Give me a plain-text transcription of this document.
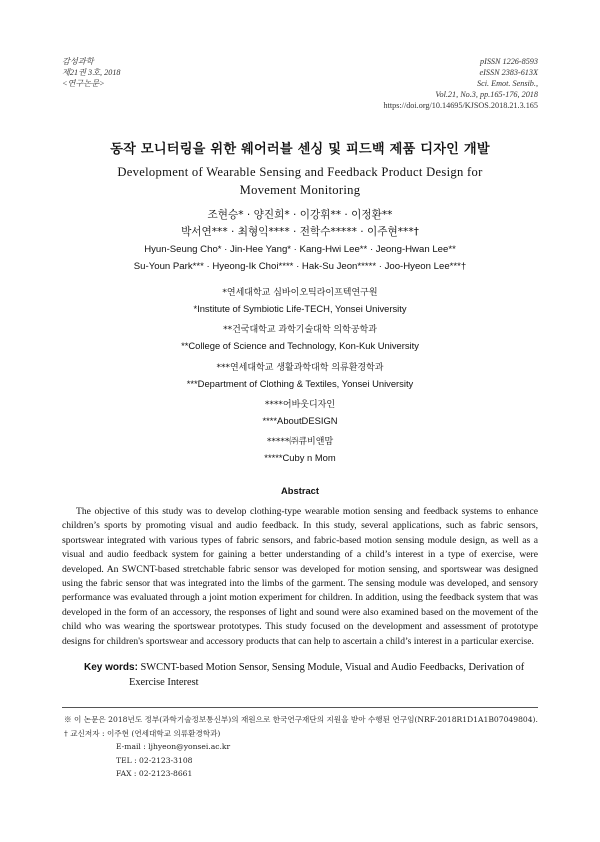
감성과학
제21권 3호, 2018
<연구논문>
pISSN 1226-8593
eISSN 2383-613X
Sci. Emot. Sensib.,
Vol.21, No.3, pp.165-176, 2018
https://doi.org/10.14695/KJSOS.2018.21.3.165
동작 모니터링을 위한 웨어러블 센싱 및 피드백 제품 디자인 개발
Development of Wearable Sensing and Feedback Product Design for
Movement Monitoring
조현승* · 양진희* · 이강휘** · 이정환**
박서연*** · 최형익**** · 전학수***** · 이주현***†
Hyun-Seung Cho* · Jin-Hee Yang* · Kang-Hwi Lee** · Jeong-Hwan Lee**
Su-Youn Park*** · Hyeong-Ik Choi**** · Hak-Su Jeon***** · Joo-Hyeon Lee***†
*연세대학교 심바이오틱라이프텍연구원
*Institute of Symbiotic Life-TECH, Yonsei University
**건국대학교 과학기술대학 의학공학과
**College of Science and Technology, Kon-Kuk University
***연세대학교 생활과학대학 의류환경학과
***Department of Clothing & Textiles, Yonsei University
****어바웃디자인
****AboutDESIGN
*****㈜큐비앤맘
*****Cuby n Mom
Abstract
The objective of this study was to develop clothing-type wearable motion sensing and feedback systems to enhance children’s sports by promoting visual and audio feedback. In this study, several applications, such as fabric sensors, sportswear integrated with various types of fabric sensors, and fabric-based motion sensing module design, as well as a visual and audio feedback system for gaining a better understanding of a child’s interest in a type of exercise, were developed. An SWCNT-based stretchable fabric sensor was developed for motion sensing, and sportswear was designed using the fabric sensor that was integrated into the limbs of the garment. The sensing module was developed, and sensory performance was evaluated through a joint motion experiment for children. In addition, using the feedback system that was developed in the form of an accessory, the responses of light and sound were also examined based on the movement of the child who was wearing the sportswear prototypes. This study focused on the development and assessment of prototype designs for children's sportswear and accessory products that can help to ascertain a child’s interest in a particular exercise.
Key words: SWCNT-based Motion Sensor, Sensing Module, Visual and Audio Feedbacks, Derivation of
Exercise Interest
※ 이 논문은 2018년도 정부(과학기술정보통신부)의 재원으로 한국연구재단의 지원을 받아 수행된 연구임(NRF-2018R1D1A1B07049804).
† 교신저자 : 이주현 (연세대학교 의류환경학과)
E-mail : ljhyeon@yonsei.ac.kr
TEL : 02-2123-3108
FAX : 02-2123-8661
